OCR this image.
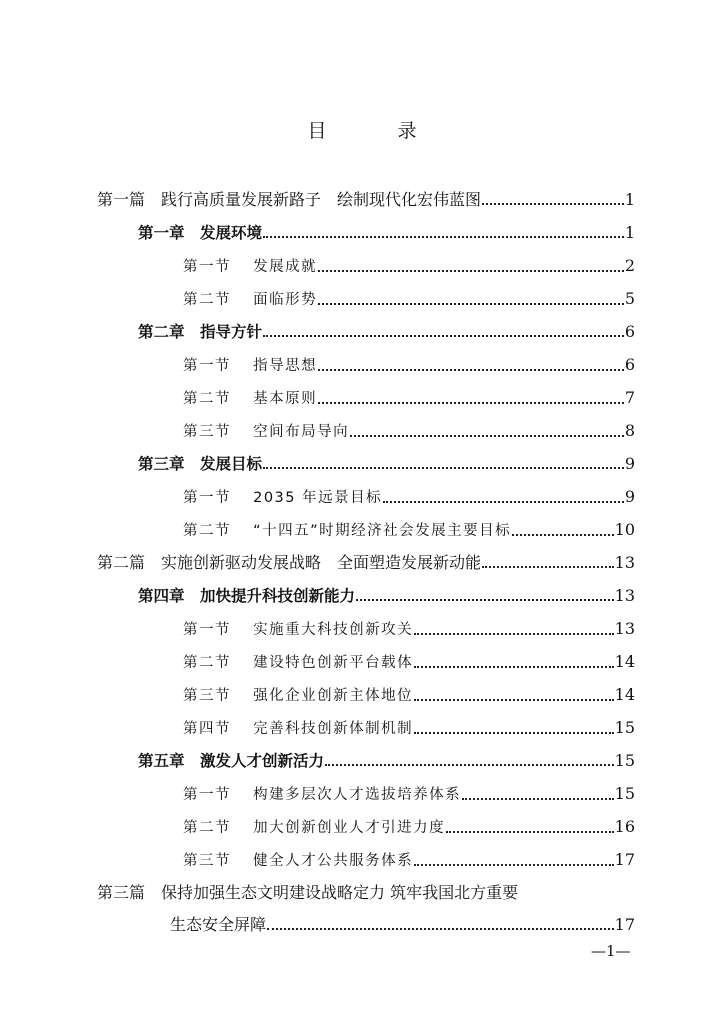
目　录
第一篇　践行高质量发展新路子　绘制现代化宏伟蓝图	1
第一章　发展环境	1
第一节　 发展成就	2
第二节　 面临形势	5
第二章　指导方针	6
第一节　 指导思想	6
第二节　 基本原则	7
第三节　 空间布局导向	8
第三章　发展目标	9
第一节　 2035 年远景目标	9
第二节　 “十四五”时期经济社会发展主要目标	10
第二篇　实施创新驱动发展战略　全面塑造发展新动能	13
第四章　加快提升科技创新能力	13
第一节　 实施重大科技创新攻关	13
第二节　 建设特色创新平台载体	14
第三节　 强化企业创新主体地位	14
第四节　 完善科技创新体制机制	15
第五章　激发人才创新活力	15
第一节　 构建多层次人才选拔培养体系	15
第二节　 加大创新创业人才引进力度	16
第三节　 健全人才公共服务体系	17
第三篇　保持加强生态文明建设战略定力 筑牢我国北方重要
生态安全屏障	17
—1—
